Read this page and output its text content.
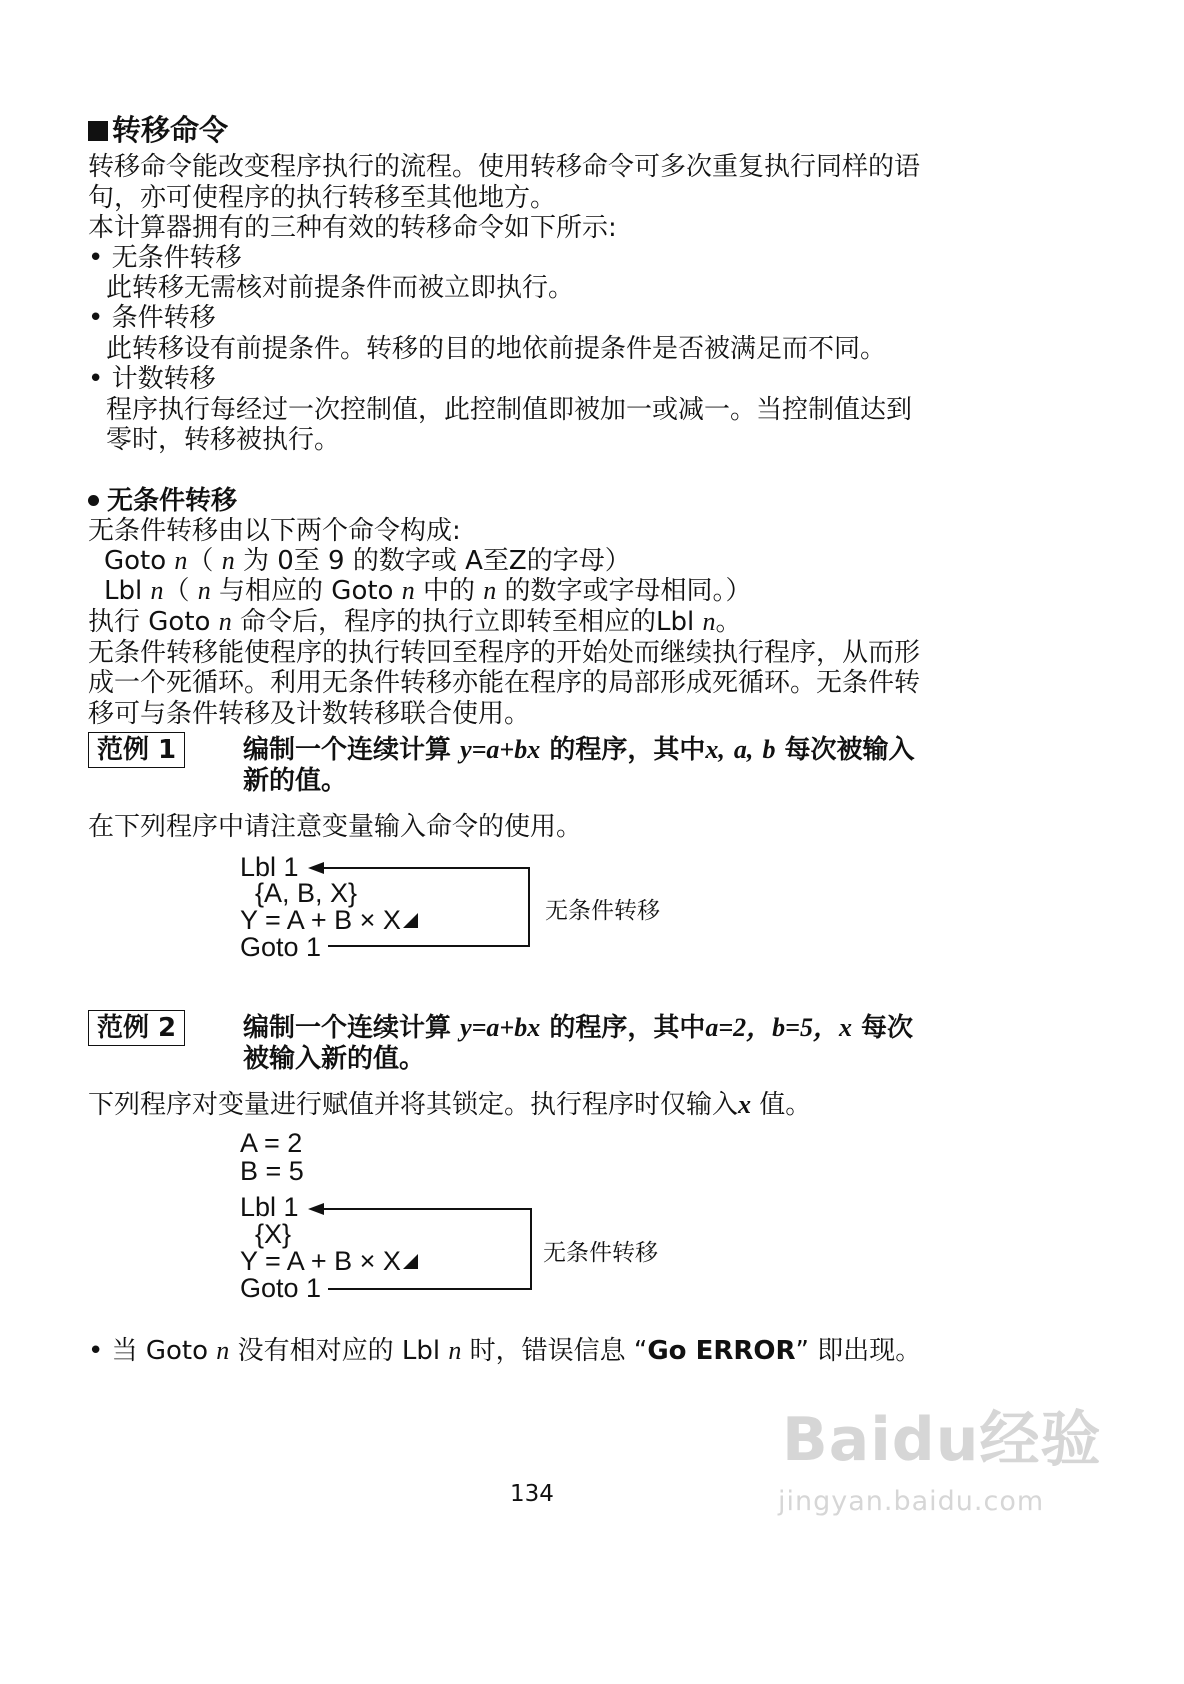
转移命令
转移命令能改变程序执行的流程。使用转移命令可多次重复执行同样的语
句，亦可使程序的执行转移至其他地方。
本计算器拥有的三种有效的转移命令如下所示:
• 无条件转移
此转移无需核对前提条件而被立即执行。
• 条件转移
此转移设有前提条件。转移的目的地依前提条件是否被满足而不同。
• 计数转移
程序执行每经过一次控制值，此控制值即被加一或减一。当控制值达到
零时，转移被执行。
无条件转移
无条件转移由以下两个命令构成:
Goto n（ n 为 0至 9 的数字或 A至Z的字母）
Lbl n（ n 与相应的 Goto n 中的 n 的数字或字母相同。）
执行 Goto n 命令后，程序的执行立即转至相应的Lbl n。
无条件转移能使程序的执行转回至程序的开始处而继续执行程序，从而形
成一个死循环。利用无条件转移亦能在程序的局部形成死循环。无条件转
移可与条件转移及计数转移联合使用。
范例 1	编制一个连续计算 y=a+bx 的程序，其中x, a, b 每次被输入
新的值。
在下列程序中请注意变量输入命令的使用。
Lbl 1
{A, B, X}
Y = A + B × X
Goto 1
无条件转移
范例 2	编制一个连续计算 y=a+bx 的程序，其中a=2，b=5，x 每次
被输入新的值。
下列程序对变量进行赋值并将其锁定。执行程序时仅输入x 值。
A = 2
B = 5
Lbl 1
{X}
Y = A + B × X
Goto 1
无条件转移
• 当 Goto n 没有相对应的 Lbl n 时，错误信息 “Go ERROR” 即出现。
134
Baidu经验
jingyan.baidu.com
